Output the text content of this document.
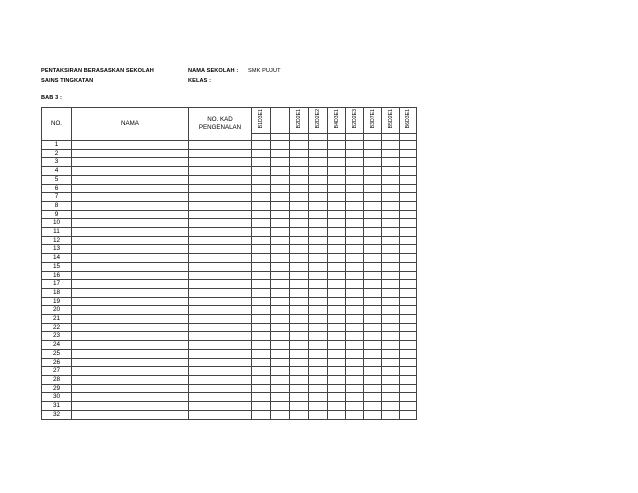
PENTAKSIRAN BERASASKAN SEKOLAH
SAINS TINGKATAN
NAMA SEKOLAH : SMK PUJUT
KELAS :
BAB 3 :
NO.	NAMA	NO. KAD PENGENALAN	B1D3E1		B2D2E1	B2D2E2	B4D3E1	B2D2E3	B3D7E1	B5D2E1	B6D3E1

1											
2											
3											
4											
5											
6											
7											
8											
9											
10											
11											
12											
13											
14											
15											
16											
17											
18											
19											
20											
21											
22											
23											
24											
25											
26											
27											
28											
29											
30											
31											
32											
